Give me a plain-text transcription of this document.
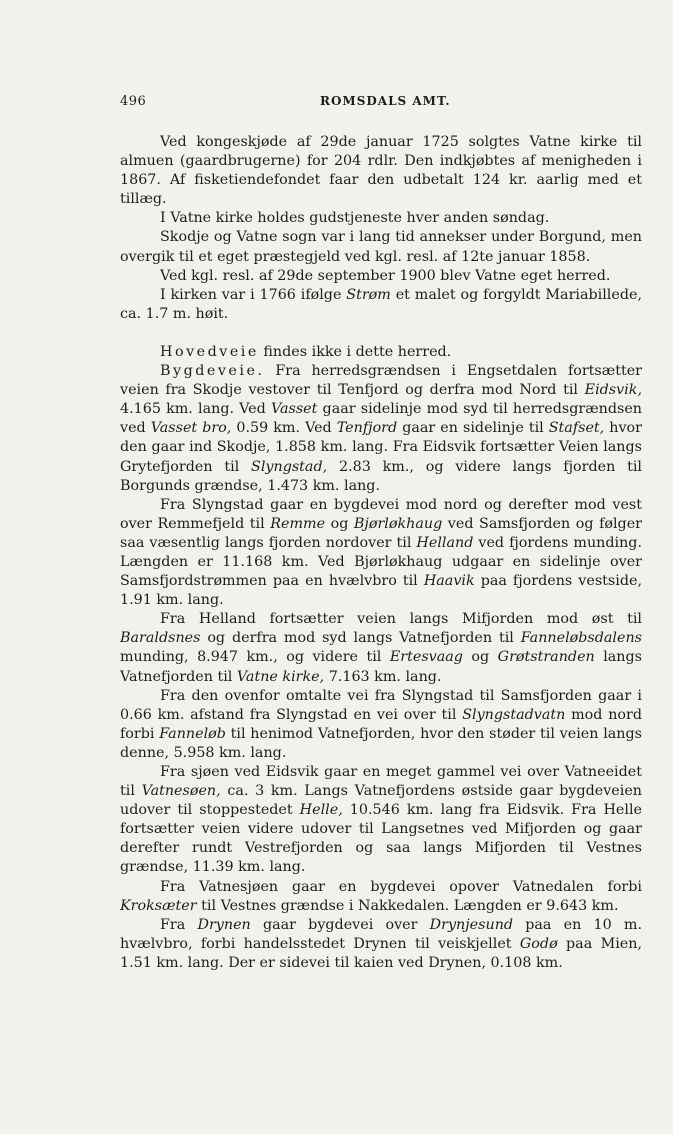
496	ROMSDALS AMT.

Ved kongeskjøde af 29de januar 1725 solgtes Vatne kirke til almuen (gaardbrugerne) for 204 rdlr. Den indkjøbtes af menigheden i 1867. Af fisketiendefondet faar den udbetalt 124 kr. aarlig med et tillæg.

I Vatne kirke holdes gudstjeneste hver anden søndag.

Skodje og Vatne sogn var i lang tid annekser under Borgund, men overgik til et eget præstegjeld ved kgl. resl. af 12te januar 1858.

Ved kgl. resl. af 29de september 1900 blev Vatne eget herred.

I kirken var i 1766 ifølge Strøm et malet og forgyldt Mariabillede, ca. 1.7 m. høit.

Hovedveie findes ikke i dette herred.

Bygdeveie. Fra herredsgrændsen i Engsetdalen fortsætter veien fra Skodje vestover til Tenfjord og derfra mod Nord til Eidsvik, 4.165 km. lang. Ved Vasset gaar sidelinje mod syd til herredsgrændsen ved Vasset bro, 0.59 km. Ved Tenfjord gaar en sidelinje til Stafset, hvor den gaar ind Skodje, 1.858 km. lang. Fra Eidsvik fortsætter Veien langs Grytefjorden til Slyngstad, 2.83 km., og videre langs fjorden til Borgunds grændse, 1.473 km. lang.

Fra Slyngstad gaar en bygdevei mod nord og derefter mod vest over Remmefjeld til Remme og Bjørløkhaug ved Samsfjorden og følger saa væsentlig langs fjorden nordover til Helland ved fjordens munding. Længden er 11.168 km. Ved Bjørløkhaug udgaar en sidelinje over Samsfjordstrømmen paa en hvælvbro til Haavik paa fjordens vestside, 1.91 km. lang.

Fra Helland fortsætter veien langs Mifjorden mod øst til Baraldsnes og derfra mod syd langs Vatnefjorden til Fanneløbsdalens munding, 8.947 km., og videre til Ertesvaag og Grøtstranden langs Vatnefjorden til Vatne kirke, 7.163 km. lang.

Fra den ovenfor omtalte vei fra Slyngstad til Samsfjorden gaar i 0.66 km. afstand fra Slyngstad en vei over til Slyngstadvatn mod nord forbi Fanneløb til henimod Vatnefjorden, hvor den støder til veien langs denne, 5.958 km. lang.

Fra sjøen ved Eidsvik gaar en meget gammel vei over Vatneeidet til Vatnesøen, ca. 3 km. Langs Vatnefjordens østside gaar bygdeveien udover til stoppestedet Helle, 10.546 km. lang fra Eidsvik. Fra Helle fortsætter veien videre udover til Langsetnes ved Mifjorden og gaar derefter rundt Vestrefjorden og saa langs Mifjorden til Vestnes grændse, 11.39 km. lang.

Fra Vatnesjøen gaar en bygdevei opover Vatnedalen forbi Kroksæter til Vestnes grændse i Nakkedalen. Længden er 9.643 km.

Fra Drynen gaar bygdevei over Drynjesund paa en 10 m. hvælvbro, forbi handelsstedet Drynen til veiskjellet Godø paa Mien, 1.51 km. lang. Der er sidevei til kaien ved Drynen, 0.108 km.
